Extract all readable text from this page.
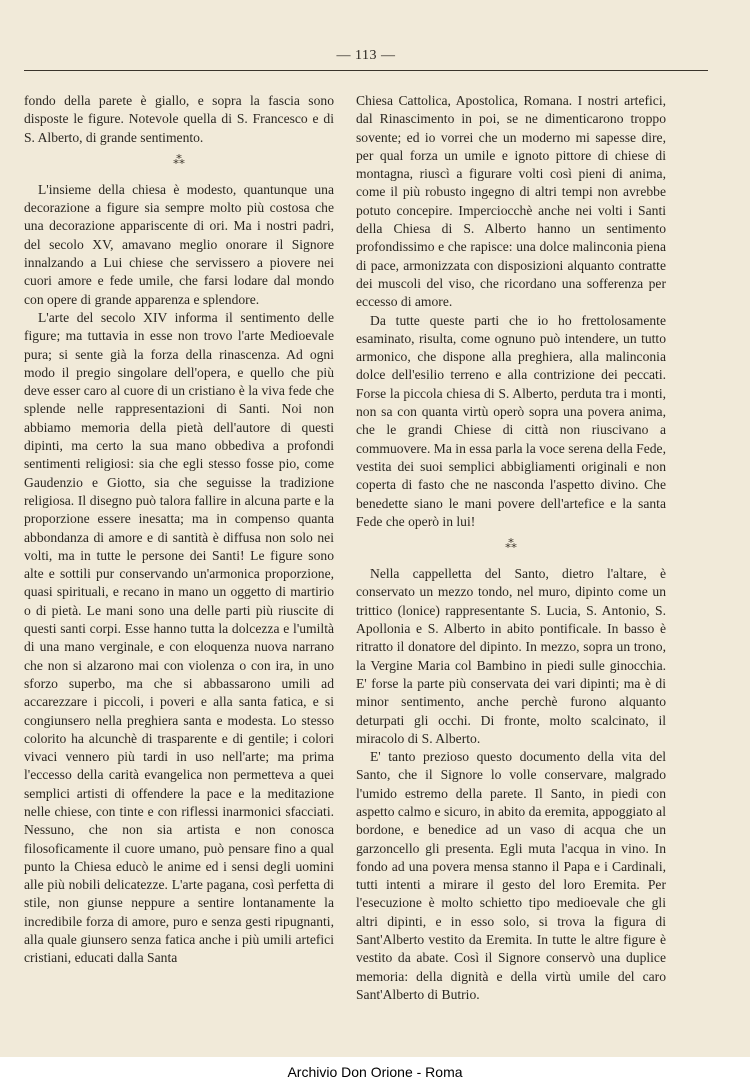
— 113 —

fondo della parete è giallo, e sopra la fascia sono disposte le figure. Notevole quella di S. Francesco e di S. Alberto, di grande sentimento.

⁂

L'insieme della chiesa è modesto, quantunque una decorazione a figure sia sempre molto più costosa che una decorazione appariscente di ori. Ma i nostri padri, del secolo XV, amavano meglio onorare il Signore innalzando a Lui chiese che servissero a piovere nei cuori amore e fede umile, che farsi lodare dal mondo con opere di grande apparenza e splendore.

L'arte del secolo XIV informa il sentimento delle figure; ma tuttavia in esse non trovo l'arte Medioevale pura; si sente già la forza della rinascenza. Ad ogni modo il pregio singolare dell'opera, e quello che più deve esser caro al cuore di un cristiano è la viva fede che splende nelle rappresentazioni di Santi. Noi non abbiamo memoria della pietà dell'autore di questi dipinti, ma certo la sua mano obbediva a profondi sentimenti religiosi: sia che egli stesso fosse pio, come Gaudenzio e Giotto, sia che seguisse la tradizione religiosa. Il disegno può talora fallire in alcuna parte e la proporzione essere inesatta; ma in compenso quanta abbondanza di amore e di santità è diffusa non solo nei volti, ma in tutte le persone dei Santi! Le figure sono alte e sottili pur conservando un'armonica proporzione, quasi spirituali, e recano in mano un oggetto di martirio o di pietà. Le mani sono una delle parti più riuscite di questi santi corpi. Esse hanno tutta la dolcezza e l'umiltà di una mano verginale, e con eloquenza nuova narrano che non si alzarono mai con violenza o con ira, in uno sforzo superbo, ma che si abbassarono umili ad accarezzare i piccoli, i poveri e alla santa fatica, e si congiunsero nella preghiera santa e modesta. Lo stesso colorito ha alcunchè di trasparente e di gentile; i colori vivaci vennero più tardi in uso nell'arte; ma prima l'eccesso della carità evangelica non permetteva a quei semplici artisti di offendere la pace e la meditazione nelle chiese, con tinte e con riflessi inarmonici sfacciati. Nessuno, che non sia artista e non conosca filosoficamente il cuore umano, può pensare fino a qual punto la Chiesa educò le anime ed i sensi degli uomini alle più nobili delicatezze. L'arte pagana, così perfetta di stile, non giunse neppure a sentire lontanamente la incredibile forza di amore, puro e senza gesti ripugnanti, alla quale giunsero senza fatica anche i più umili artefici cristiani, educati dalla Santa

Chiesa Cattolica, Apostolica, Romana. I nostri artefici, dal Rinascimento in poi, se ne dimenticarono troppo sovente; ed io vorrei che un moderno mi sapesse dire, per qual forza un umile e ignoto pittore di chiese di montagna, riuscì a figurare volti così pieni di anima, come il più robusto ingegno di altri tempi non avrebbe potuto concepire. Imperciocchè anche nei volti i Santi della Chiesa di S. Alberto hanno un sentimento profondissimo e che rapisce: una dolce malinconia piena di pace, armonizzata con disposizioni alquanto contratte dei muscoli del viso, che ricordano una sofferenza per eccesso di amore.

Da tutte queste parti che io ho frettolosamente esaminato, risulta, come ognuno può intendere, un tutto armonico, che dispone alla preghiera, alla malinconia dolce dell'esilio terreno e alla contrizione dei peccati. Forse la piccola chiesa di S. Alberto, perduta tra i monti, non sa con quanta virtù operò sopra una povera anima, che le grandi Chiese di città non riuscivano a commuovere. Ma in essa parla la voce serena della Fede, vestita dei suoi semplici abbigliamenti originali e non coperta di fasto che ne nasconda l'aspetto divino. Che benedette siano le mani povere dell'artefice e la santa Fede che operò in lui!

⁂

Nella cappelletta del Santo, dietro l'altare, è conservato un mezzo tondo, nel muro, dipinto come un trittico (lonice) rappresentante S. Lucia, S. Antonio, S. Apollonia e S. Alberto in abito pontificale. In basso è ritratto il donatore del dipinto. In mezzo, sopra un trono, la Vergine Maria col Bambino in piedi sulle ginocchia. E' forse la parte più conservata dei vari dipinti; ma è di minor sentimento, anche perchè furono alquanto deturpati gli occhi. Di fronte, molto scalcinato, il miracolo di S. Alberto.

E' tanto prezioso questo documento della vita del Santo, che il Signore lo volle conservare, malgrado l'umido estremo della parete. Il Santo, in piedi con aspetto calmo e sicuro, in abito da eremita, appoggiato al bordone, e benedice ad un vaso di acqua che un garzoncello gli presenta. Egli muta l'acqua in vino. In fondo ad una povera mensa stanno il Papa e i Cardinali, tutti intenti a mirare il gesto del loro Eremita. Per l'esecuzione è molto schietto tipo medioevale che gli altri dipinti, e in esso solo, si trova la figura di Sant'Alberto vestito da Eremita. In tutte le altre figure è vestito da abate. Così il Signore conservò una duplice memoria: della dignità e della virtù umile del caro Sant'Alberto di Butrio.

Archivio Don Orione - Roma
